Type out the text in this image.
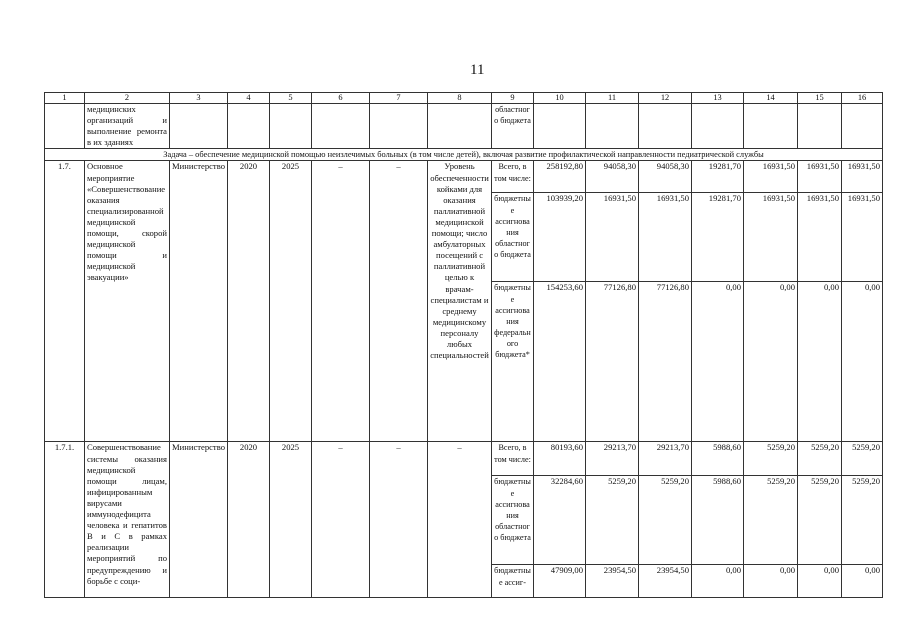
11
1	2	3	4	5	6	7	8	9	10	11	12	13	14	15	16
	медицинских организаций и выполнение ремонта в их зданиях							областного бюджета							
Задача – обеспечение медицинской помощью неизлечимых больных (в том числе детей), включая развитие профилактической направленности педиатрической службы															
1.7.	Основное мероприятие «Совершенствование оказания специализированной медицинской помощи, скорой медицинской помощи и медицинской эвакуации»	Министерство	2020	2025	–	–	Уровень обеспеченности койками для оказания паллиативной медицинской помощи; число амбулаторных посещений с паллиативной целью к врачам-специалистам и среднему медицинскому персоналу любых специальностей	Всего, в том числе:	258192,80	94058,30	94058,30	19281,70	16931,50	16931,50	16931,50
								бюджетные ассигнования областного бюджета	103939,20	16931,50	16931,50	19281,70	16931,50	16931,50	16931,50
								бюджетные ассигнования федерального бюджета*	154253,60	77126,80	77126,80	0,00	0,00	0,00	0,00
1.7.1.	Совершенствование системы оказания медицинской помощи лицам, инфицированным вирусами иммунодефицита человека и гепатитов В и С в рамках реализации мероприятий по предупреждению и борьбе с соци-	Министерство	2020	2025	–	–	–	Всего, в том числе:	80193,60	29213,70	29213,70	5988,60	5259,20	5259,20	5259,20
								бюджетные ассигнования областного бюджета	32284,60	5259,20	5259,20	5988,60	5259,20	5259,20	5259,20
								бюджетные ассиг-	47909,00	23954,50	23954,50	0,00	0,00	0,00	0,00
